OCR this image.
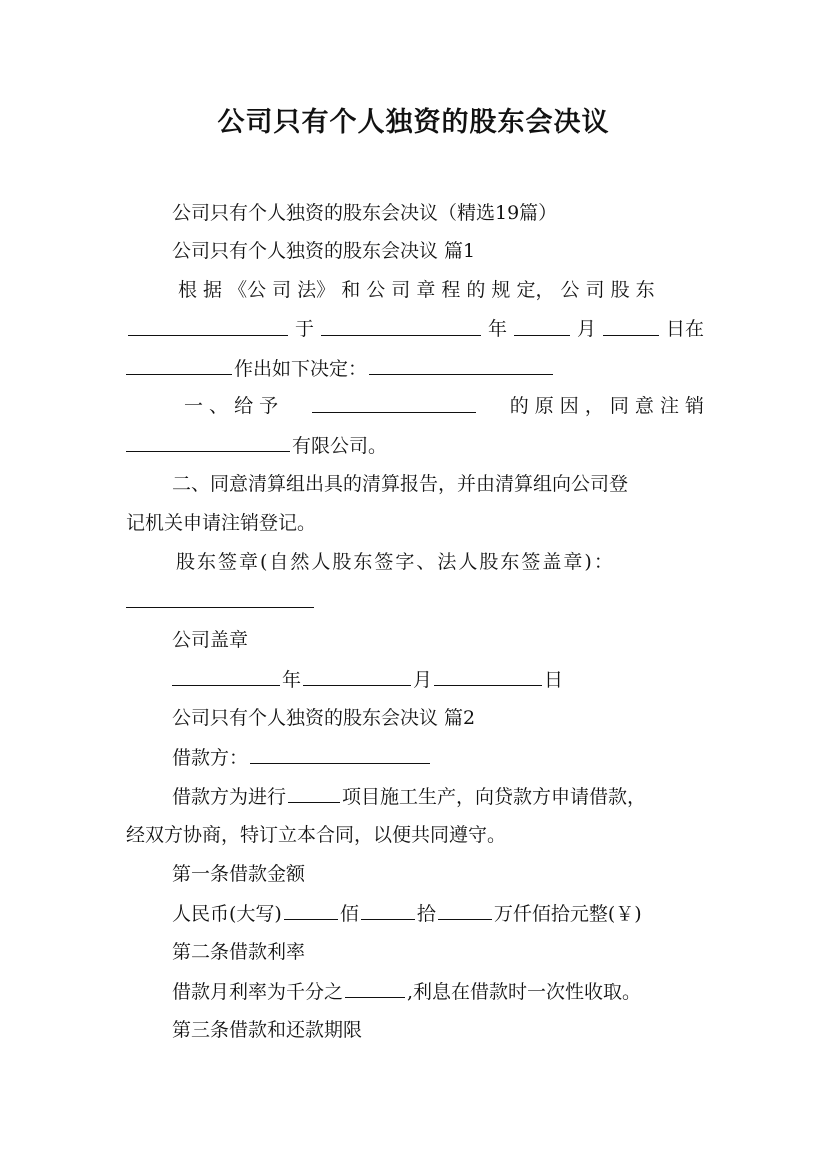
公司只有个人独资的股东会决议
公司只有个人独资的股东会决议（精选19篇）
公司只有个人独资的股东会决议 篇1
根 据 《公 司 法》 和 公 司 章 程 的 规 定， 公 司 股 东
于	年	月	日在
作出如下决定：
一 、 给 予	的 原 因 ， 同 意 注 销
有限公司。
二、同意清算组出具的清算报告，并由清算组向公司登
记机关申请注销登记。
股东签章(自然人股东签字、法人股东签盖章)：
公司盖章
年	月	日
公司只有个人独资的股东会决议 篇2
借款方：
借款方为进行	项目施工生产，向贷款方申请借款，
经双方协商，特订立本合同，以便共同遵守。
第一条借款金额
人民币(大写)	佰	拾	万仟佰拾元整(￥)
第二条借款利率
借款月利率为千分之	,利息在借款时一次性收取。
第三条借款和还款期限
